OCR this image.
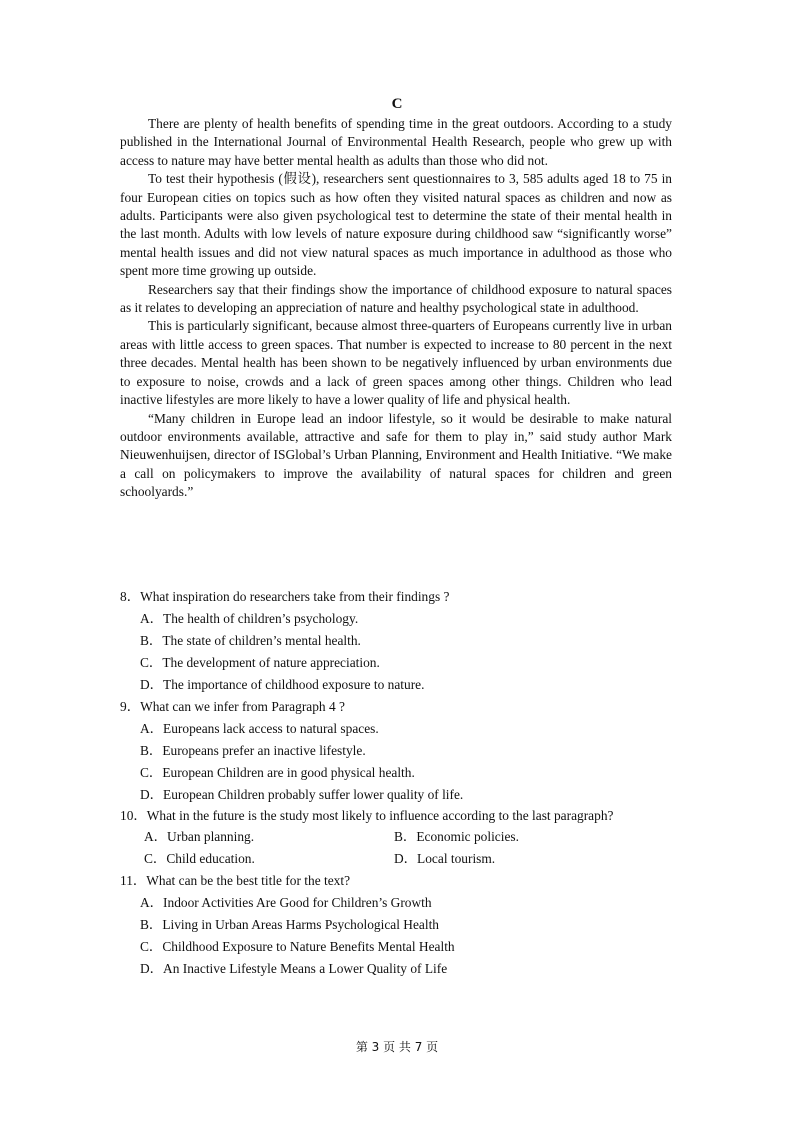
C

There are plenty of health benefits of spending time in the great outdoors. According to a study published in the International Journal of Environmental Health Research, people who grew up with access to nature may have better mental health as adults than those who did not.

To test their hypothesis (假设), researchers sent questionnaires to 3, 585 adults aged 18 to 75 in four European cities on topics such as how often they visited natural spaces as children and now as adults. Participants were also given psychological test to determine the state of their mental health in the last month. Adults with low levels of nature exposure during childhood saw “significantly worse” mental health issues and did not view natural spaces as much importance in adulthood as those who spent more time growing up outside.

Researchers say that their findings show the importance of childhood exposure to natural spaces as it relates to developing an appreciation of nature and healthy psychological state in adulthood.

This is particularly significant, because almost three-quarters of Europeans currently live in urban areas with little access to green spaces. That number is expected to increase to 80 percent in the next three decades. Mental health has been shown to be negatively influenced by urban environments due to exposure to noise, crowds and a lack of green spaces among other things. Children who lead inactive lifestyles are more likely to have a lower quality of life and physical health.

“Many children in Europe lead an indoor lifestyle, so it would be desirable to make natural outdoor environments available, attractive and safe for them to play in,” said study author Mark Nieuwenhuijsen, director of ISGlobal’s Urban Planning, Environment and Health Initiative. “We make a call on policymakers to improve the availability of natural spaces for children and green schoolyards.”

8．What inspiration do researchers take from their findings ?

A．The health of children’s psychology.

B．The state of children’s mental health.

C．The development of nature appreciation.

D．The importance of childhood exposure to nature.

9．What can we infer from Paragraph 4 ?

A．Europeans lack access to natural spaces.

B．Europeans prefer an inactive lifestyle.

C．European Children are in good physical health.

D．European Children probably suffer lower quality of life.

10．What in the future is the study most likely to influence according to the last paragraph?

A．Urban planning.	B．Economic policies.
C．Child education.	D．Local tourism.

11．What can be the best title for the text?

A．Indoor Activities Are Good for Children’s Growth

B．Living in Urban Areas Harms Psychological Health

C．Childhood Exposure to Nature Benefits Mental Health

D．An Inactive Lifestyle Means a Lower Quality of Life

第 3 页 共 7 页
